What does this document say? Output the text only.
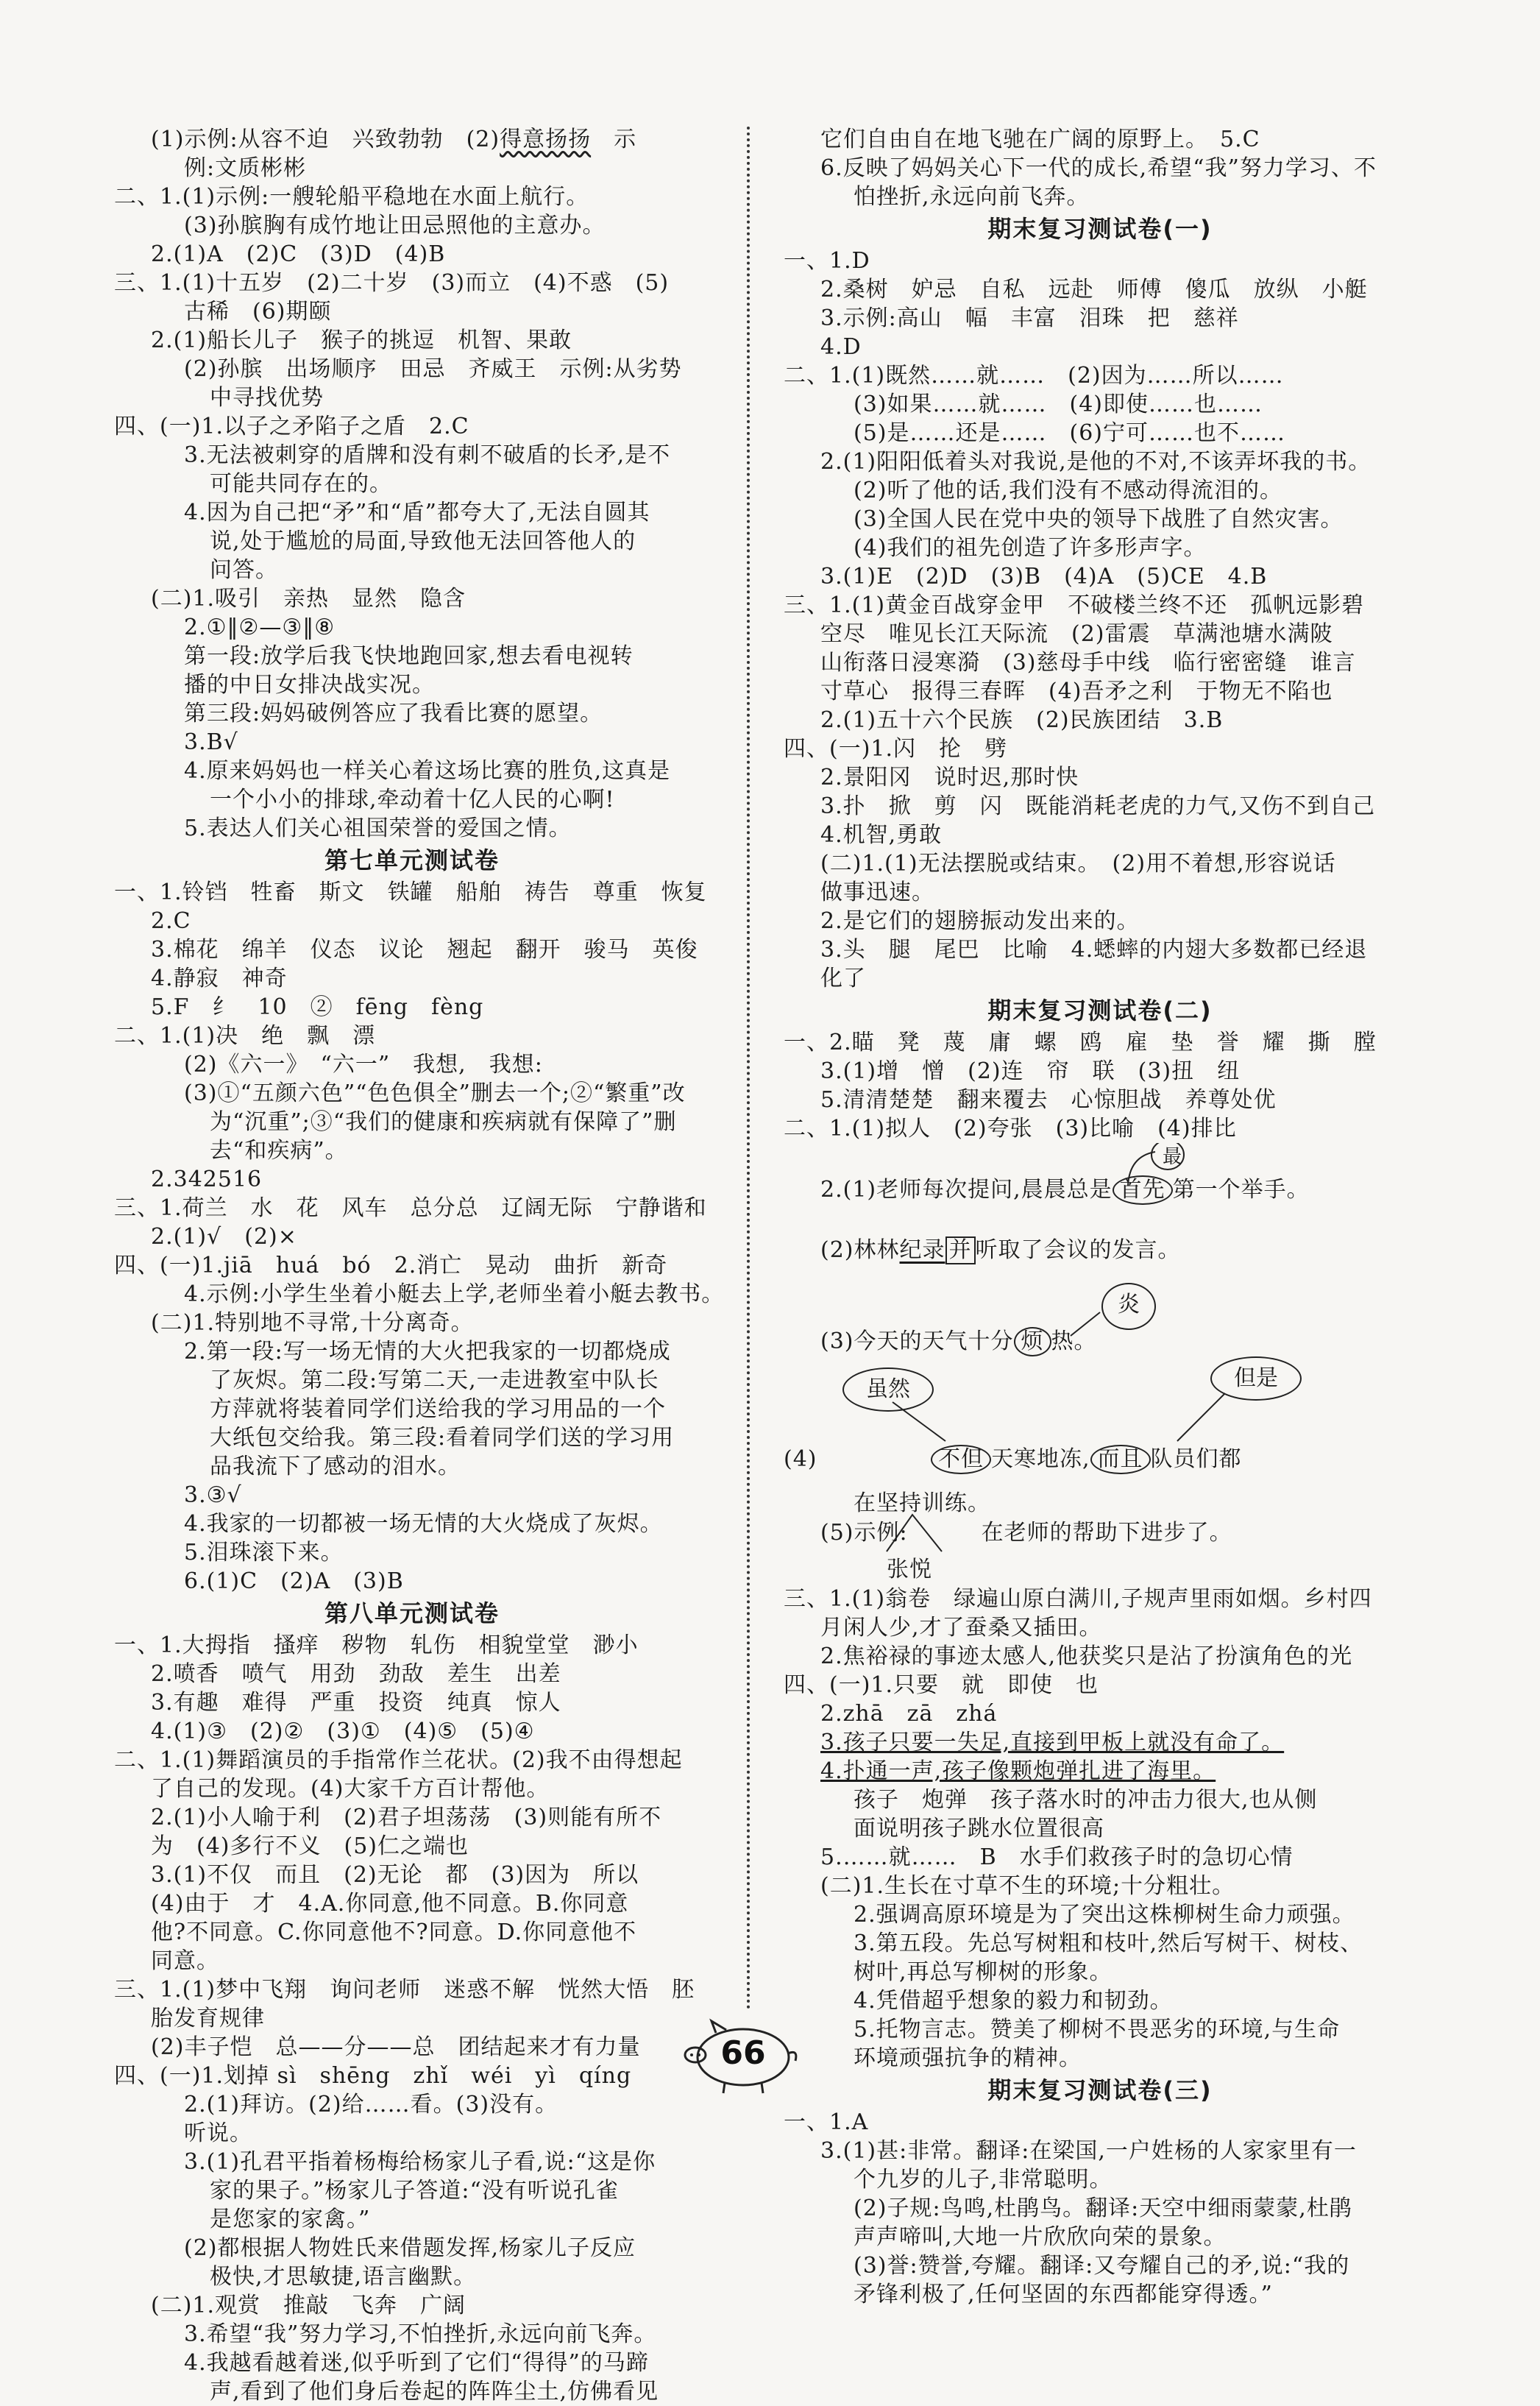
(1)示例:从容不迫　兴致勃勃　(2)得意扬扬　示
例:文质彬彬
二、1.(1)示例:一艘轮船平稳地在水面上航行。
(3)孙膑胸有成竹地让田忌照他的主意办。
2.(1)A　(2)C　(3)D　(4)B
三、1.(1)十五岁　(2)二十岁　(3)而立　(4)不惑　(5)
古稀　(6)期颐
2.(1)船长儿子　猴子的挑逗　机智、果敢
(2)孙膑　出场顺序　田忌　齐威王　示例:从劣势
中寻找优势
四、(一)1.以子之矛陷子之盾　2.C
3.无法被刺穿的盾牌和没有刺不破盾的长矛,是不
可能共同存在的。
4.因为自己把“矛”和“盾”都夸大了,无法自圆其
说,处于尴尬的局面,导致他无法回答他人的
问答。
(二)1.吸引　亲热　显然　隐含
2.①‖②—③‖⑧
第一段:放学后我飞快地跑回家,想去看电视转
播的中日女排决战实况。
第三段:妈妈破例答应了我看比赛的愿望。
3.B√
4.原来妈妈也一样关心着这场比赛的胜负,这真是
一个小小的排球,牵动着十亿人民的心啊!
5.表达人们关心祖国荣誉的爱国之情。
第七单元测试卷
一、1.铃铛　牲畜　斯文　铁罐　船舶　祷告　尊重　恢复
2.C
3.棉花　绵羊　仪态　议论　翘起　翻开　骏马　英俊
4.静寂　神奇
5.F　纟　10　②　fēng　fèng
二、1.(1)决　绝　飘　漂
(2)《六一》　“六一”　我想,　我想:
(3)①“五颜六色”“色色俱全”删去一个;②“繁重”改
为“沉重”;③“我们的健康和疾病就有保障了”删
去“和疾病”。
2.342516
三、1.荷兰　水　花　风车　总分总　辽阔无际　宁静谐和
2.(1)√　(2)×
四、(一)1.jiā　huá　bó　2.消亡　晃动　曲折　新奇
4.示例:小学生坐着小艇去上学,老师坐着小艇去教书。
(二)1.特别地不寻常,十分离奇。
2.第一段:写一场无情的大火把我家的一切都烧成
了灰烬。第二段:写第二天,一走进教室中队长
方萍就将装着同学们送给我的学习用品的一个
大纸包交给我。第三段:看着同学们送的学习用
品我流下了感动的泪水。
3.③√
4.我家的一切都被一场无情的大火烧成了灰烬。
5.泪珠滚下来。
6.(1)C　(2)A　(3)B
第八单元测试卷
一、1.大拇指　搔痒　秽物　轧伤　相貌堂堂　渺小
2.喷香　喷气　用劲　劲敌　差生　出差
3.有趣　难得　严重　投资　纯真　惊人
4.(1)③　(2)②　(3)①　(4)⑤　(5)④
二、1.(1)舞蹈演员的手指常作兰花状。(2)我不由得想起
了自己的发现。(4)大家千方百计帮他。
2.(1)小人喻于利　(2)君子坦荡荡　(3)则能有所不
为　(4)多行不义　(5)仁之端也
3.(1)不仅　而且　(2)无论　都　(3)因为　所以
(4)由于　才　4.A.你同意,他不同意。B.你同意
他?不同意。C.你同意他不?同意。D.你同意他不
同意。
三、1.(1)梦中飞翔　询问老师　迷惑不解　恍然大悟　胚
胎发育规律
(2)丰子恺　总——分——总　团结起来才有力量
四、(一)1.划掉 sì　shēng　zhǐ　wéi　yì　qíng
2.(1)拜访。(2)给……看。(3)没有。
听说。
3.(1)孔君平指着杨梅给杨家儿子看,说:“这是你
家的果子。”杨家儿子答道:“没有听说孔雀
是您家的家禽。”
(2)都根据人物姓氏来借题发挥,杨家儿子反应
极快,才思敏捷,语言幽默。
(二)1.观赏　推敲　飞奔　广阔
3.希望“我”努力学习,不怕挫折,永远向前飞奔。
4.我越看越着迷,似乎听到了它们“得得”的马蹄
声,看到了他们身后卷起的阵阵尘土,仿佛看见
它们自由自在地飞驰在广阔的原野上。　5.C
6.反映了妈妈关心下一代的成长,希望“我”努力学习、不
怕挫折,永远向前飞奔。
期末复习测试卷(一)
一、1.D
2.桑树　妒忌　自私　远赴　师傅　傻瓜　放纵　小艇
3.示例:高山　幅　丰富　泪珠　把　慈祥
4.D
二、1.(1)既然……就……　(2)因为……所以……
(3)如果……就……　(4)即使……也……
(5)是……还是……　(6)宁可……也不……
2.(1)阳阳低着头对我说,是他的不对,不该弄坏我的书。
(2)听了他的话,我们没有不感动得流泪的。
(3)全国人民在党中央的领导下战胜了自然灾害。
(4)我们的祖先创造了许多形声字。
3.(1)E　(2)D　(3)B　(4)A　(5)CE　4.B
三、1.(1)黄金百战穿金甲　不破楼兰终不还　孤帆远影碧
空尽　唯见长江天际流　(2)雷震　草满池塘水满陂
山衔落日浸寒漪　(3)慈母手中线　临行密密缝　谁言
寸草心　报得三春晖　(4)吾矛之利　于物无不陷也
2.(1)五十六个民族　(2)民族团结　3.B
四、(一)1.闪　抡　劈
2.景阳冈　说时迟,那时快
3.扑　掀　剪　闪　既能消耗老虎的力气,又伤不到自己
4.机智,勇敢
(二)1.(1)无法摆脱或结束。　(2)用不着想,形容说话
做事迅速。
2.是它们的翅膀振动发出来的。
3.头　腿　尾巴　比喻　4.蟋蟀的内翅大多数都已经退
化了
期末复习测试卷(二)
一、2.瞄　凳　蔑　庸　螺　鸥　雇　垫　誉　耀　撕　膛
3.(1)增　憎　(2)连　帘　联　(3)扭　纽
5.清清楚楚　翻来覆去　心惊胆战　养尊处优
二、1.(1)拟人　(2)夸张　(3)比喻　(4)排比
2.(1)老师每次提问,晨晨总是 首先 第一个举手。
最
(2)林林纪录 并 听取了会议的发言。
(3)今天的天气十分 烦 热。
炎
虽然	但是
(4)	不但 天寒地冻, 而且 队员们都
在坚持训练。
(5)示例:	在老师的帮助下进步了。
张悦
三、1.(1)翁卷　绿遍山原白满川,子规声里雨如烟。乡村四
月闲人少,才了蚕桑又插田。
2.焦裕禄的事迹太感人,他获奖只是沾了扮演角色的光
四、(一)1.只要　就　即使　也
2.zhā　zā　zhá
3.孩子只要一失足,直接到甲板上就没有命了。
4.扑通一声,孩子像颗炮弹扎进了海里。
孩子　炮弹　孩子落水时的冲击力很大,也从侧
面说明孩子跳水位置很高
5.……就……　B　水手们救孩子时的急切心情
(二)1.生长在寸草不生的环境;十分粗壮。
2.强调高原环境是为了突出这株柳树生命力顽强。
3.第五段。先总写树粗和枝叶,然后写树干、树枝、
树叶,再总写柳树的形象。
4.凭借超乎想象的毅力和韧劲。
5.托物言志。赞美了柳树不畏恶劣的环境,与生命
环境顽强抗争的精神。
期末复习测试卷(三)
一、1.A
3.(1)甚:非常。翻译:在梁国,一户姓杨的人家家里有一
个九岁的儿子,非常聪明。
(2)子规:鸟鸣,杜鹃鸟。翻译:天空中细雨蒙蒙,杜鹃
声声啼叫,大地一片欣欣向荣的景象。
(3)誉:赞誉,夸耀。翻译:又夸耀自己的矛,说:“我的
矛锋利极了,任何坚固的东西都能穿得透。”
66
